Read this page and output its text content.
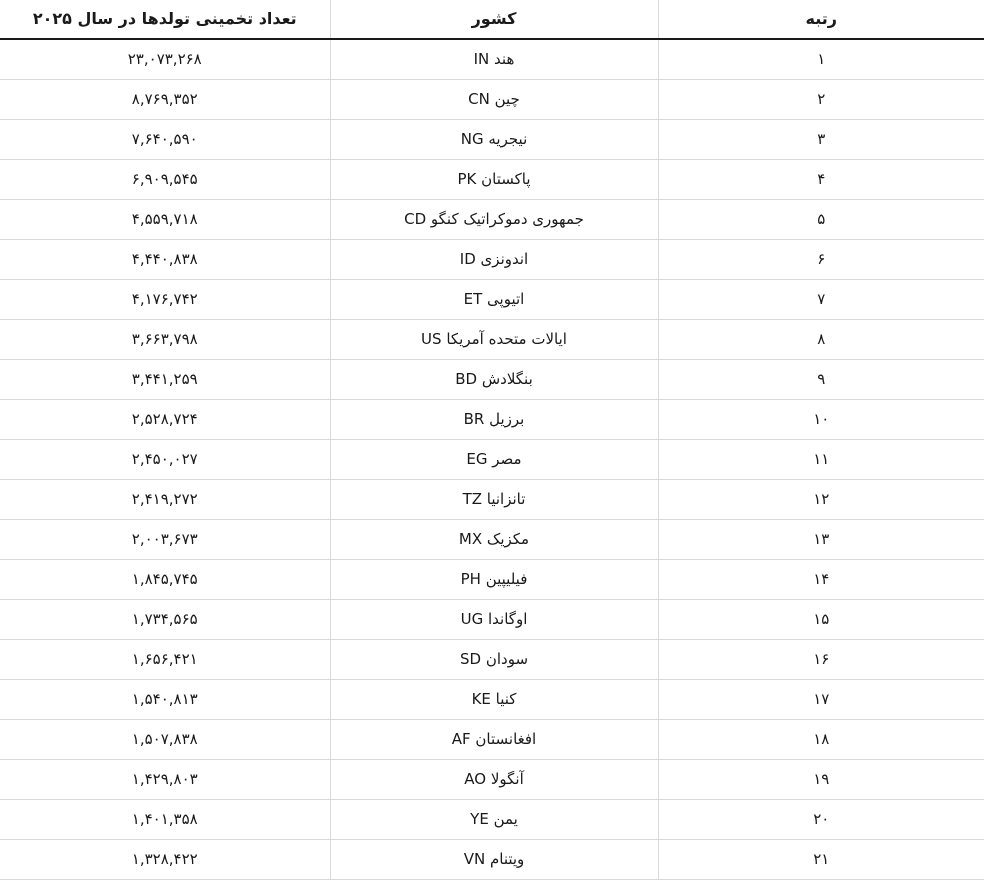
رتبه	کشور	تعداد تخمینی تولدها در سال ۲۰۲۵
۱	هند IN	۲۳,۰۷۳,۲۶۸
۲	چین CN	۸,۷۶۹,۳۵۲
۳	نیجریه NG	۷,۶۴۰,۵۹۰
۴	پاکستان PK	۶,۹۰۹,۵۴۵
۵	جمهوری دموکراتیک کنگو CD	۴,۵۵۹,۷۱۸
۶	اندونزی ID	۴,۴۴۰,۸۳۸
۷	اتیوپی ET	۴,۱۷۶,۷۴۲
۸	ایالات متحده آمریکا US	۳,۶۶۳,۷۹۸
۹	بنگلادش BD	۳,۴۴۱,۲۵۹
۱۰	برزیل BR	۲,۵۲۸,۷۲۴
۱۱	مصر EG	۲,۴۵۰,۰۲۷
۱۲	تانزانیا TZ	۲,۴۱۹,۲۷۲
۱۳	مکزیک MX	۲,۰۰۳,۶۷۳
۱۴	فیلیپین PH	۱,۸۴۵,۷۴۵
۱۵	اوگاندا UG	۱,۷۳۴,۵۶۵
۱۶	سودان SD	۱,۶۵۶,۴۲۱
۱۷	کنیا KE	۱,۵۴۰,۸۱۳
۱۸	افغانستان AF	۱,۵۰۷,۸۳۸
۱۹	آنگولا AO	۱,۴۲۹,۸۰۳
۲۰	یمن YE	۱,۴۰۱,۳۵۸
۲۱	ویتنام VN	۱,۳۲۸,۴۲۲
